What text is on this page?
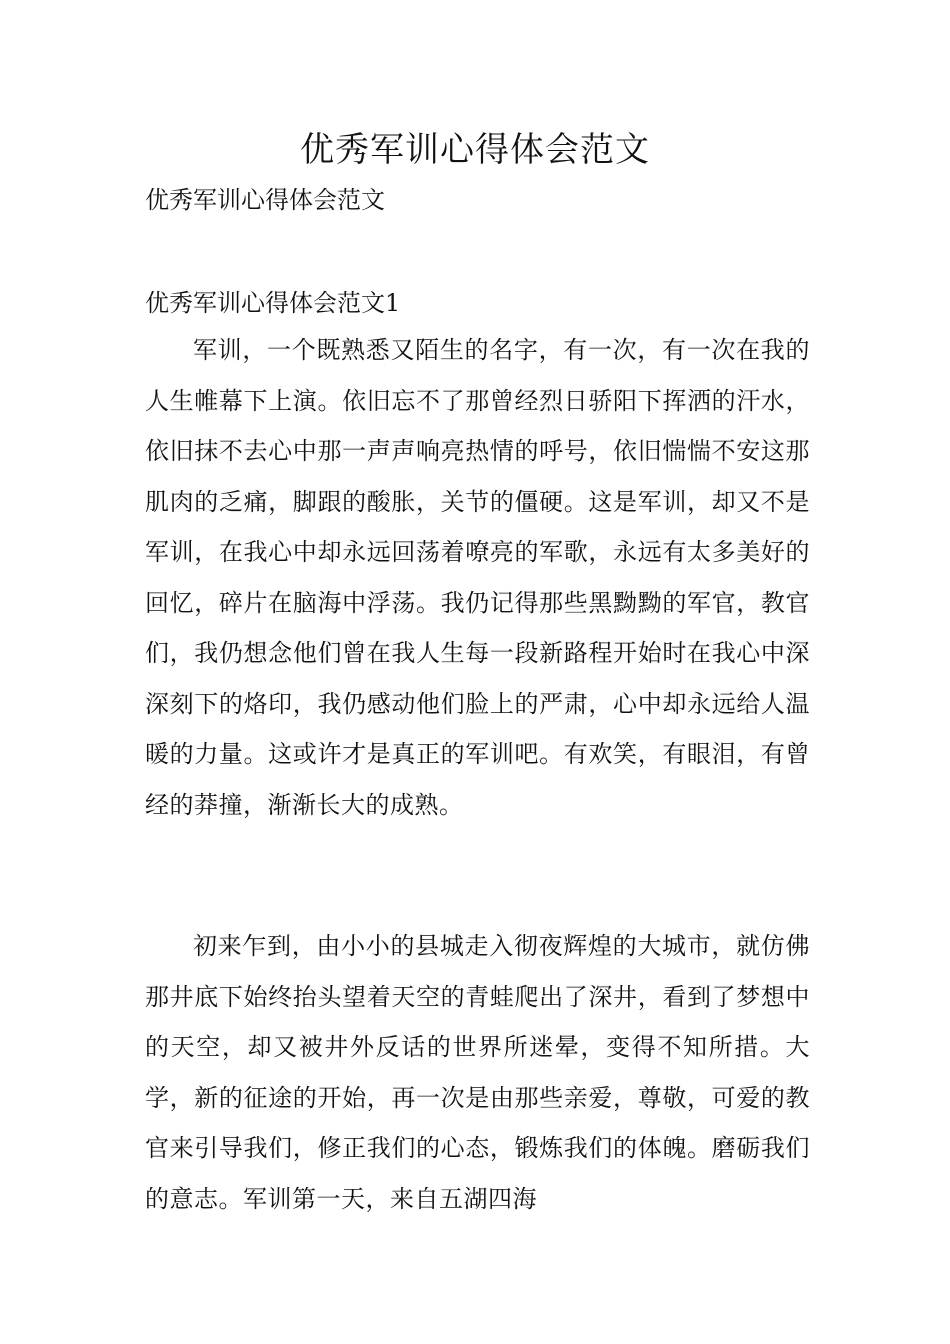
优秀军训心得体会范文

优秀军训心得体会范文

优秀军训心得体会范文1

军训，一个既熟悉又陌生的名字，有一次，有一次在我的人生帷幕下上演。依旧忘不了那曾经烈日骄阳下挥洒的汗水，依旧抹不去心中那一声声响亮热情的呼号，依旧惴惴不安这那肌肉的乏痛，脚跟的酸胀，关节的僵硬。这是军训，却又不是军训，在我心中却永远回荡着嘹亮的军歌，永远有太多美好的回忆，碎片在脑海中浮荡。我仍记得那些黑黝黝的军官，教官们，我仍想念他们曾在我人生每一段新路程开始时在我心中深深刻下的烙印，我仍感动他们脸上的严肃，心中却永远给人温暖的力量。这或许才是真正的军训吧。有欢笑，有眼泪，有曾经的莽撞，渐渐长大的成熟。

初来乍到，由小小的县城走入彻夜辉煌的大城市，就仿佛那井底下始终抬头望着天空的青蛙爬出了深井，看到了梦想中的天空，却又被井外反话的世界所迷晕，变得不知所措。大学，新的征途的开始，再一次是由那些亲爱，尊敬，可爱的教官来引导我们，修正我们的心态，锻炼我们的体魄。磨砺我们的意志。军训第一天，来自五湖四海
